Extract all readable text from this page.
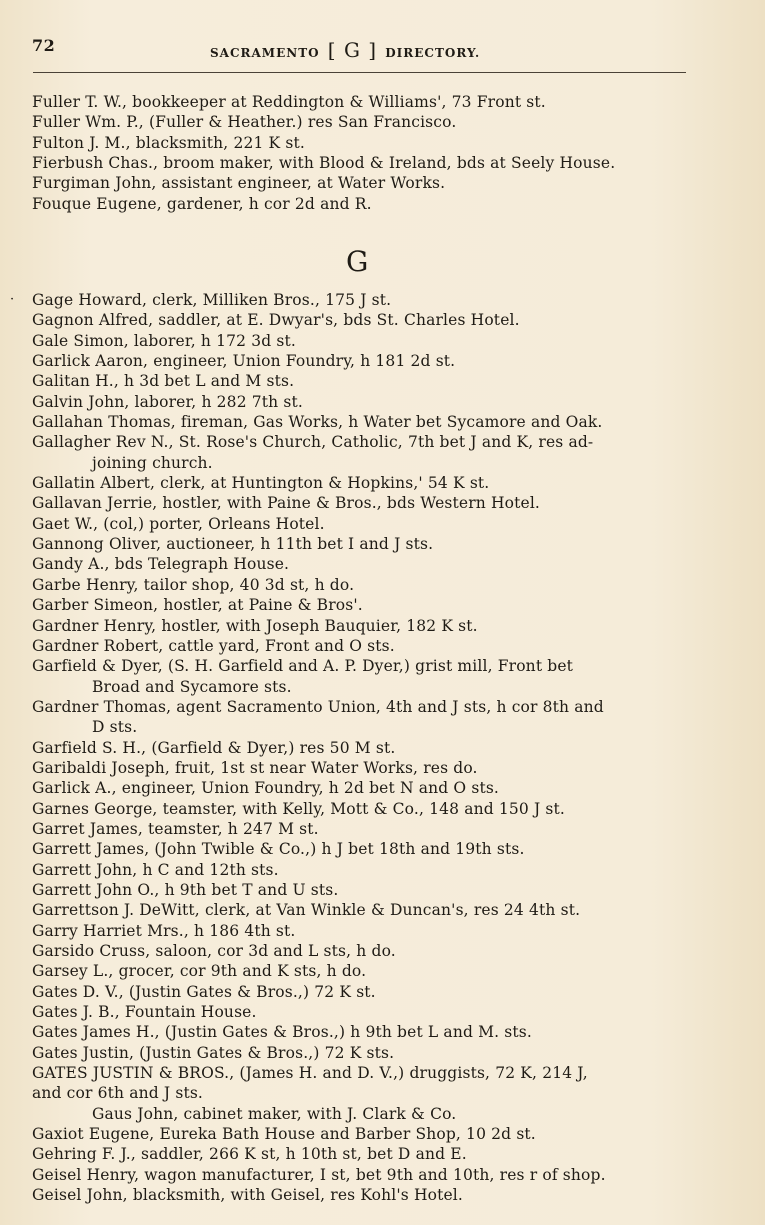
72	SACRAMENTO [ G ] DIRECTORY.
Fuller T. W., bookkeeper at Reddington & Williams', 73 Front st.
Fuller Wm. P., (Fuller & Heather.) res San Francisco.
Fulton J. M., blacksmith, 221 K st.
Fierbush Chas., broom maker, with Blood & Ireland, bds at Seely House.
Furgiman John, assistant engineer, at Water Works.
Fouque Eugene, gardener, h cor 2d and R.
G
· Gage Howard, clerk, Milliken Bros., 175 J st.
Gagnon Alfred, saddler, at E. Dwyar's, bds St. Charles Hotel.
Gale Simon, laborer, h 172 3d st.
Garlick Aaron, engineer, Union Foundry, h 181 2d st.
Galitan H., h 3d bet L and M sts.
Galvin John, laborer, h 282 7th st.
Gallahan Thomas, fireman, Gas Works, h Water bet Sycamore and Oak.
Gallagher Rev N., St. Rose's Church, Catholic, 7th bet J and K, res ad-
joining church.
Gallatin Albert, clerk, at Huntington & Hopkins,' 54 K st.
Gallavan Jerrie, hostler, with Paine & Bros., bds Western Hotel.
Gaet W., (col,) porter, Orleans Hotel.
Gannong Oliver, auctioneer, h 11th bet I and J sts.
Gandy A., bds Telegraph House.
Garbe Henry, tailor shop, 40 3d st, h do.
Garber Simeon, hostler, at Paine & Bros'.
Gardner Henry, hostler, with Joseph Bauquier, 182 K st.
Gardner Robert, cattle yard, Front and O sts.
Garfield & Dyer, (S. H. Garfield and A. P. Dyer,) grist mill, Front bet
Broad and Sycamore sts.
Gardner Thomas, agent Sacramento Union, 4th and J sts, h cor 8th and
D sts.
Garfield S. H., (Garfield & Dyer,) res 50 M st.
Garibaldi Joseph, fruit, 1st st near Water Works, res do.
Garlick A., engineer, Union Foundry, h 2d bet N and O sts.
Garnes George, teamster, with Kelly, Mott & Co., 148 and 150 J st.
Garret James, teamster, h 247 M st.
Garrett James, (John Twible & Co.,) h J bet 18th and 19th sts.
Garrett John, h C and 12th sts.
Garrett John O., h 9th bet T and U sts.
Garrettson J. DeWitt, clerk, at Van Winkle & Duncan's, res 24 4th st.
Garry Harriet Mrs., h 186 4th st.
Garsido Cruss, saloon, cor 3d and L sts, h do.
Garsey L., grocer, cor 9th and K sts, h do.
Gates D. V., (Justin Gates & Bros.,) 72 K st.
Gates J. B., Fountain House.
Gates James H., (Justin Gates & Bros.,) h 9th bet L and M. sts.
Gates Justin, (Justin Gates & Bros.,) 72 K sts.
GATES JUSTIN & BROS., (James H. and D. V.,) druggists, 72 K, 214 J,
and cor 6th and J sts.
Gaus John, cabinet maker, with J. Clark & Co.
Gaxiot Eugene, Eureka Bath House and Barber Shop, 10 2d st.
Gehring F. J., saddler, 266 K st, h 10th st, bet D and E.
Geisel Henry, wagon manufacturer, I st, bet 9th and 10th, res r of shop.
Geisel John, blacksmith, with Geisel, res Kohl's Hotel.
